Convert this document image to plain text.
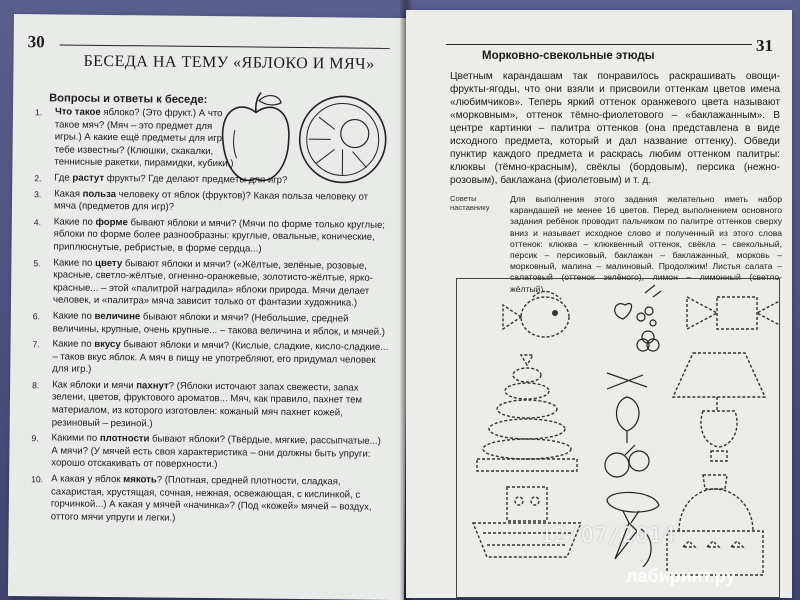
30
БЕСЕДА НА ТЕМУ «ЯБЛОКО И МЯЧ»
Вопросы и ответы к беседе:
1. Что такое яблоко? (Это фрукт.) А что такое мяч? (Мяч – это предмет для игры.) А какие ещё предметы для игр тебе известны? (Клюшки, скакалки, теннисные ракетки, пирамидки, кубики.)
2. Где растут фрукты? Где делают предметы для игр?
3. Какая польза человеку от яблок (фруктов)? Какая польза человеку от мяча (предметов для игр)?
4. Какие по форме бывают яблоки и мячи? (Мячи по форме только круглые; яблоки по форме более разнообразны: круглые, овальные, конические, приплюснутые, ребристые, в форме сердца...)
5. Какие по цвету бывают яблоки и мячи? («Жёлтые, зелёные, розовые, красные, светло-жёлтые, огненно-оранжевые, золотисто-жёлтые, ярко-красные... – этой «палитрой наградила» яблоки природа. Мячи делает человек, и «палитра» мяча зависит только от фантазии художника.)
6. Какие по величине бывают яблоки и мячи? (Небольшие, средней величины, крупные, очень крупные... – такова величина и яблок, и мячей.)
7. Какие по вкусу бывают яблоки и мячи? (Кислые, сладкие, кисло-сладкие... – таков вкус яблок. А мяч в пищу не употребляют, его придумал человек для игр.)
8. Как яблоки и мячи пахнут? (Яблоки источают запах свежести, запах зелени, цветов, фруктового ароматов... Мяч, как правило, пахнет тем материалом, из которого изготовлен: кожаный мяч пахнет кожей, резиновый – резиной.)
9. Какими по плотности бывают яблоки? (Твёрдые, мягкие, рассыпчатые...) А мячи? (У мячей есть своя характеристика – они должны быть упруги: хорошо отскакивать от поверхности.)
10. А какая у яблок мякоть? (Плотная, средней плотности, сладкая, сахаристая, хрустящая, сочная, нежная, освежающая, с кислинкой, с горчинкой...) А какая у мячей «начинка»? (Под «кожей» мячей – воздух, оттого мячи упруги и легки.)
31
Морковно-свекольные этюды
Цветным карандашам так понравилось раскрашивать овощи-фрукты-ягоды, что они взяли и присвоили оттенкам цветов имена «любимчиков». Теперь яркий оттенок оранжевого цвета называют «морковным», оттенок тёмно-фиолетового – «баклажанным». В центре картинки – палитра оттенков (она представлена в виде исходного предмета, который и дал название оттенку). Обведи пунктир каждого предмета и раскрась любим оттенком палитры: клюквы (тёмно-красным), свёклы (бордовым), персика (нежно-розовым), баклажана (фиолетовым) и т. д.
Советы наставнику
Для выполнения этого задания желательно иметь набор карандашей не менее 16 цветов. Перед выполнением основного задания ребёнок проводит пальчиком по палитре оттенков сверху вниз и называет исходное слово и полученный из этого слова оттенок: клюква – клюквенный оттенок, свёкла – свекольный, персик – персиковый, баклажан – баклажанный, морковь – морковный, малина – малиновый. Продолжим! Листья салата – салатовый (оттенок зелёного), лимон – лимонный (светло-жёлтый)...
12/07/2014
лабиринт.ру
